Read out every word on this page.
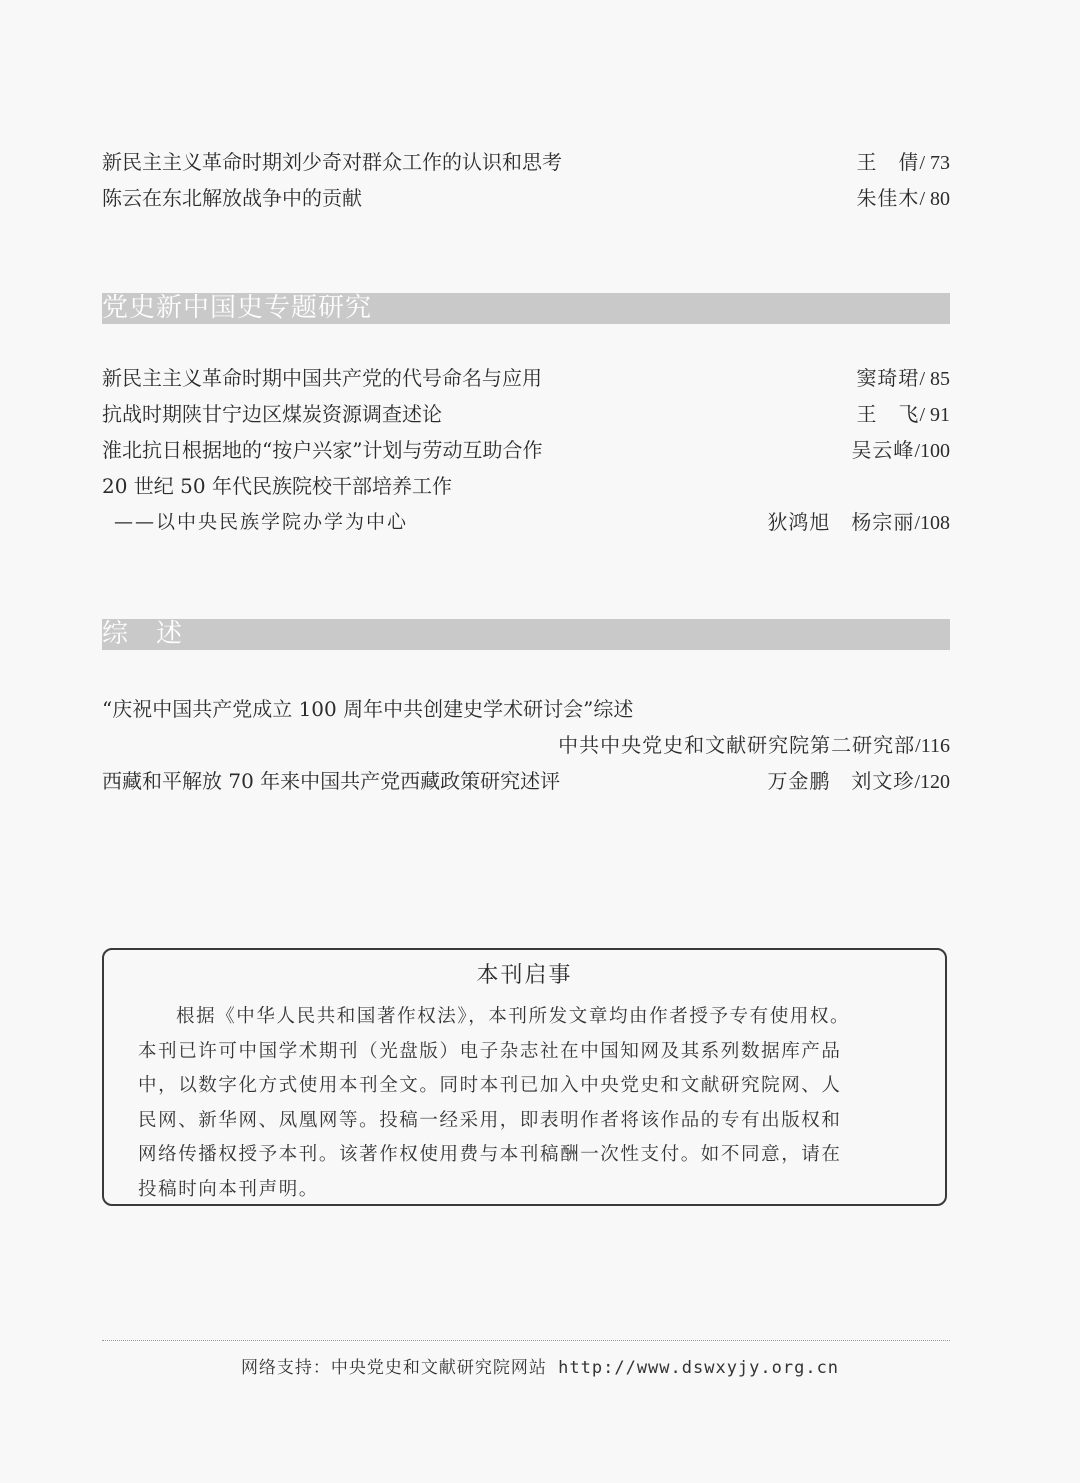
新民主主义革命时期刘少奇对群众工作的认识和思考	王　倩/ 73
陈云在东北解放战争中的贡献	朱佳木/ 80
党史新中国史专题研究
新民主主义革命时期中国共产党的代号命名与应用	窦琦珺/ 85
抗战时期陕甘宁边区煤炭资源调查述论	王　飞/ 91
淮北抗日根据地的“按户兴家”计划与劳动互助合作	吴云峰/100
20 世纪 50 年代民族院校干部培养工作
——以中央民族学院办学为中心	狄鸿旭　杨宗丽/108
综　述
“庆祝中国共产党成立 100 周年中共创建史学术研讨会”综述
中共中央党史和文献研究院第二研究部/116
西藏和平解放 70 年来中国共产党西藏政策研究述评	万金鹏　刘文珍/120
本刊启事
根据《中华人民共和国著作权法》，本刊所发文章均由作者授予专有使用权。
本刊已许可中国学术期刊（光盘版）电子杂志社在中国知网及其系列数据库产品
中，以数字化方式使用本刊全文。同时本刊已加入中央党史和文献研究院网、人
民网、新华网、凤凰网等。投稿一经采用，即表明作者将该作品的专有出版权和
网络传播权授予本刊。该著作权使用费与本刊稿酬一次性支付。如不同意，请在
投稿时向本刊声明。
网络支持：中央党史和文献研究院网站 http://www.dswxyjy.org.cn
